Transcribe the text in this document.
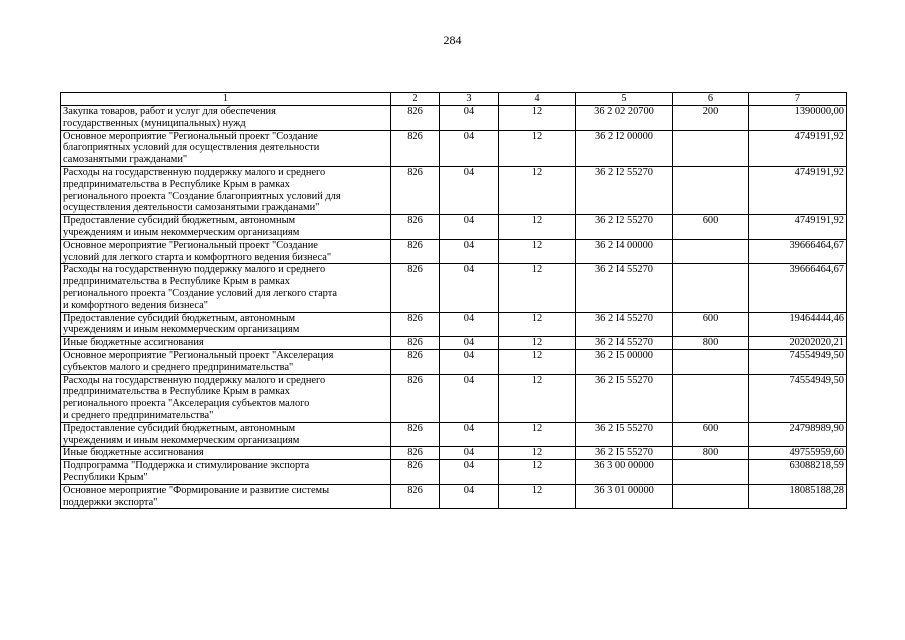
284
1	2	3	4	5	6	7
Закупка товаров, работ и услуг для обеспечения
государственных (муниципальных) нужд	826	04	12	36 2 02 20700	200	1390000,00
Основное мероприятие "Региональный проект "Создание
благоприятных условий для осуществления деятельности
самозанятыми гражданами"	826	04	12	36 2 I2 00000		4749191,92
Расходы на государственную поддержку малого и среднего
предпринимательства в Республике Крым в рамках
регионального проекта "Создание благоприятных условий для
осуществления деятельности самозанятыми гражданами"	826	04	12	36 2 I2 55270		4749191,92
Предоставление субсидий бюджетным, автономным
учреждениям и иным некоммерческим организациям	826	04	12	36 2 I2 55270	600	4749191,92
Основное мероприятие "Региональный проект "Создание
условий для легкого старта и комфортного ведения бизнеса"	826	04	12	36 2 I4 00000		39666464,67
Расходы на государственную поддержку малого и среднего
предпринимательства в Республике Крым в рамках
регионального проекта "Создание условий для легкого старта
и комфортного ведения бизнеса"	826	04	12	36 2 I4 55270		39666464,67
Предоставление субсидий бюджетным, автономным
учреждениям и иным некоммерческим организациям	826	04	12	36 2 I4 55270	600	19464444,46
Иные бюджетные ассигнования	826	04	12	36 2 I4 55270	800	20202020,21
Основное мероприятие "Региональный проект "Акселерация
субъектов малого и среднего предпринимательства"	826	04	12	36 2 I5 00000		74554949,50
Расходы на государственную поддержку малого и среднего
предпринимательства в Республике Крым в рамках
регионального проекта "Акселерация субъектов малого
и среднего предпринимательства"	826	04	12	36 2 I5 55270		74554949,50
Предоставление субсидий бюджетным, автономным
учреждениям и иным некоммерческим организациям	826	04	12	36 2 I5 55270	600	24798989,90
Иные бюджетные ассигнования	826	04	12	36 2 I5 55270	800	49755959,60
Подпрограмма "Поддержка и стимулирование экспорта
Республики Крым"	826	04	12	36 3 00 00000		63088218,59
Основное мероприятие "Формирование и развитие системы
поддержки экспорта"	826	04	12	36 3 01 00000		18085188,28
